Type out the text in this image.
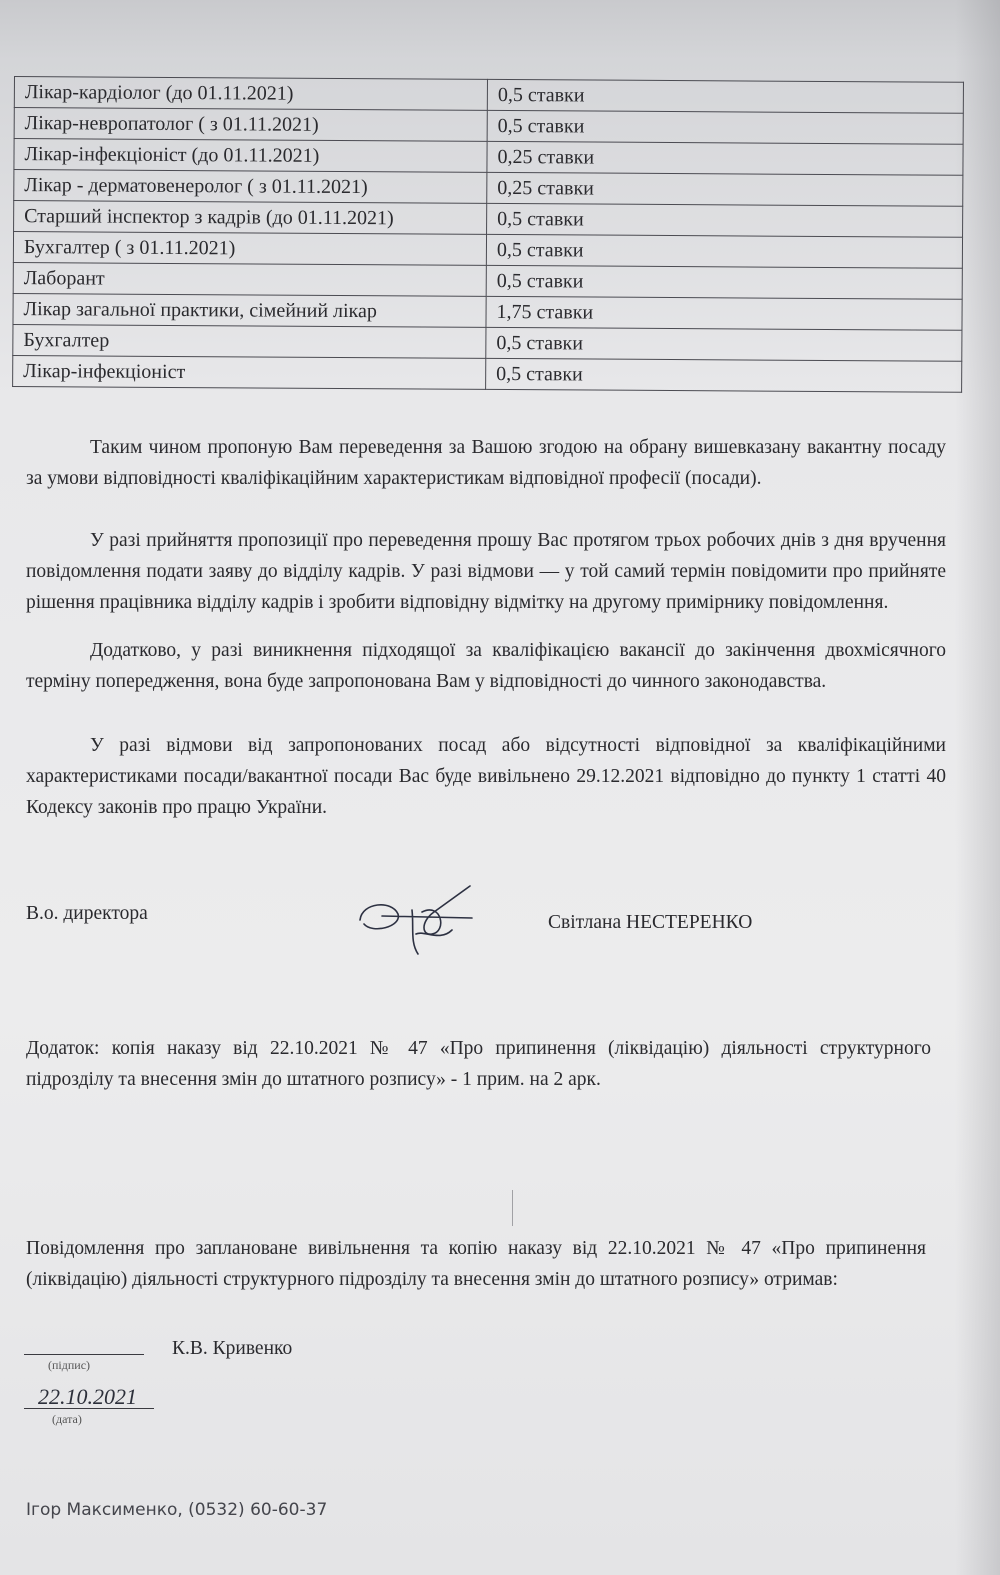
Лікар-кардіолог (до 01.11.2021)	0,5 ставки
Лікар-невропатолог ( з 01.11.2021)	0,5 ставки
Лікар-інфекціоніст (до 01.11.2021)	0,25 ставки
Лікар - дерматовенеролог ( з 01.11.2021)	0,25 ставки
Старший інспектор з кадрів (до 01.11.2021)	0,5 ставки
Бухгалтер ( з 01.11.2021)	0,5 ставки
Лаборант	0,5 ставки
Лікар загальної практики, сімейний лікар	1,75 ставки
Бухгалтер	0,5 ставки
Лікар-інфекціоніст	0,5 ставки

Таким чином пропоную Вам переведення за Вашою згодою на обрану вишевказану вакантну посаду за умови відповідності кваліфікаційним характеристикам відповідної професії (посади).

У разі прийняття пропозиції про переведення прошу Вас протягом трьох робочих днів з дня вручення повідомлення подати заяву до відділу кадрів. У разі відмови — у той самий термін повідомити про прийняте рішення працівника відділу кадрів і зробити відповідну відмітку на другому примірнику повідомлення.

Додатково, у разі виникнення підходящої за кваліфікацією вакансії до закінчення двохмісячного терміну попередження, вона буде запропонована Вам у відповідності до чинного законодавства.

У разі відмови від запропонованих посад або відсутності відповідної за кваліфікаційними характеристиками посади/вакантної посади Вас буде вивільнено 29.12.2021 відповідно до пункту 1 статті 40 Кодексу законів про працю України.

В.о. директора	Світлана НЕСТЕРЕНКО

Додаток: копія наказу від 22.10.2021 № 47 «Про припинення (ліквідацію) діяльності структурного підрозділу та внесення змін до штатного розпису» - 1 прим. на 2 арк.

Повідомлення про заплановане вивільнення та копію наказу від 22.10.2021 № 47 «Про припинення (ліквідацію) діяльності структурного підрозділу та внесення змін до штатного розпису» отримав:

(підпис)
К.В. Кривенко
22.10.2021
(дата)
Ігор Максименко, (0532) 60-60-37
